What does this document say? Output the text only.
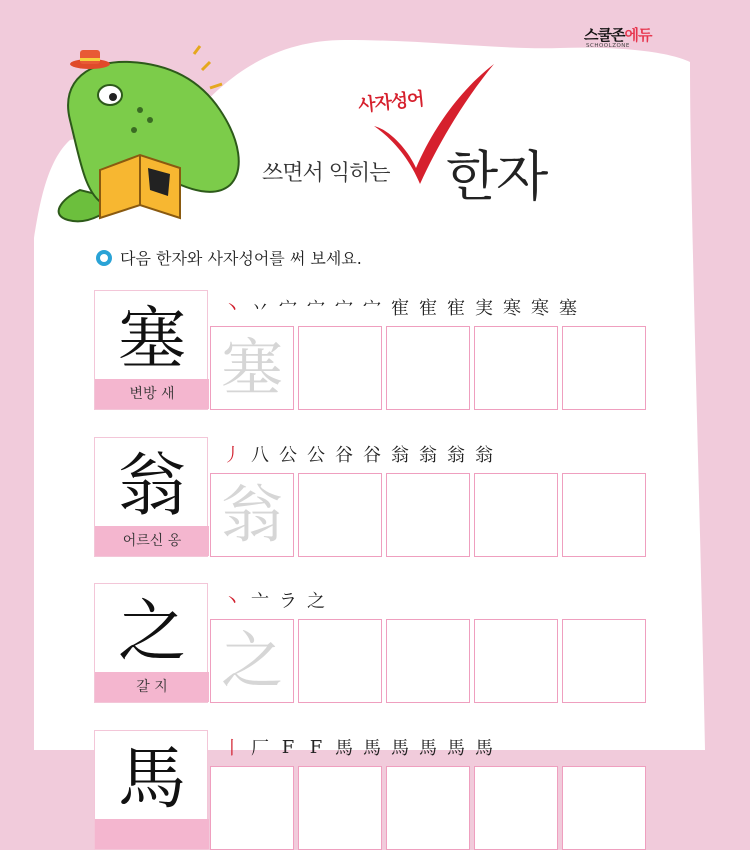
스쿨존에듀
SCHOOLZONE
사자성어
쓰면서 익히는 한자
다음 한자와 사자성어를 써 보세요.
塞
변방 새
丶 丷 宀 宀 宀 宀 寉 寉 寉 実 寒 寒 塞
塞
翁
어르신 옹
丿 八 公 公 谷 谷 翁 翁 翁 翁
翁
之
갈 지
丶 亠 ラ 之
之
馬	丨 厂 F F 馬 馬 馬 馬 馬 馬
